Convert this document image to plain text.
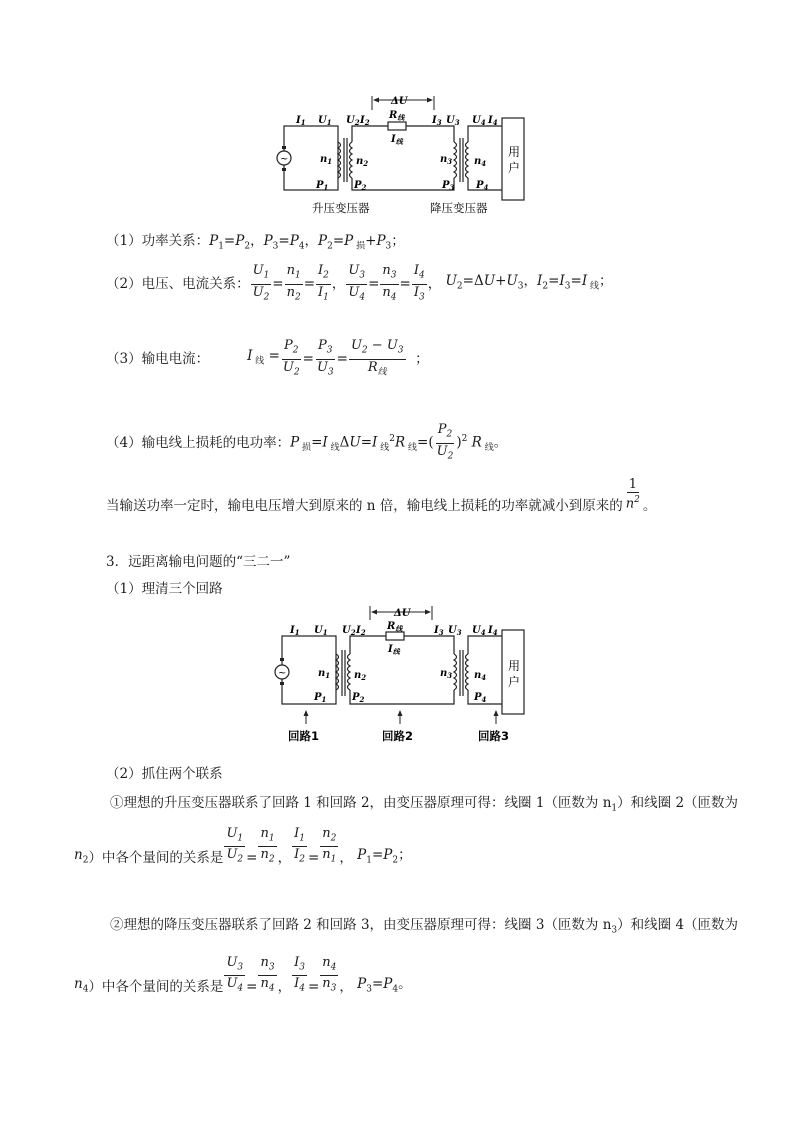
ΔU
~
用
户
$I_1$ $U_1$ $U_2$ $I_2$
$R_线$
$I_线$
$I_3$ $U_3$ $U_4$ $I_4$
$n_1$ $n_2$	$n_3$ $n_4$
$P_1$	$P_2$	$P_3$ $P_4$
升压变压器	降压变压器
（1）功率关系：$P_1=P_2$，$P_3=P_4$，$P_2=P$ $_损+P_3$；
（2）电压、电流关系： $\frac{U_1}{U_2} = \frac{n_1}{n_2} = \frac{I_2}{I_1}$ ， $\frac{U_3}{U_4} = \frac{n_3}{n_4} = \frac{I_4}{I_3}$ ， $U_2=\Delta U+U_3$，$I_2=I_3=I$ $_线$；
（3）输电电流：	I $_线 = \frac{P_2}{U_2} = \frac{P_3}{U_3} = \frac{U_2 - U_3}{R_线}$ ；
（4）输电线上损耗的电功率： P $_损$=I $_线$ΔU=I $_线^2$R $_线=( \frac{P_2}{U_2} )^2$ R $_线$。
当输送功率一定时，输电电压增大到原来的 n 倍，输电线上损耗的功率就减小到原来的 $\frac{1}{n^2}$ 。
3．远距离输电问题的“三二一”
（1）理清三个回路
ΔU
~
用
户
$I_1$ $U_1$ $U_2$ $I_2$
$R_线$
$I_线$
$I_3$ $U_3$ $U_4$ $I_4$
$n_1$ $n_2$	$n_3$ $n_4$
$P_1$	$P_2$	$P_4$
回路1	回路2	回路3
（2）抓住两个联系
①理想的升压变压器联系了回路 1 和回路 2，由变压器原理可得：线圈 1（匝数为 $n_1$）和线圈 2（匝数为
$n_2$ ）中各个量间的关系是 $\frac{U_1}{U_2} = \frac{n_1}{n_2}$ ， $\frac{I_1}{I_2} = \frac{n_2}{n_1}$ ， $P_1=P_2$；
②理想的降压变压器联系了回路 2 和回路 3，由变压器原理可得：线圈 3（匝数为 $n_3$）和线圈 4（匝数为
$n_4$ ）中各个量间的关系是 $\frac{U_3}{U_4} = \frac{n_3}{n_4}$ ， $\frac{I_3}{I_4} = \frac{n_4}{n_3}$ ， $P_3=P_4$。
